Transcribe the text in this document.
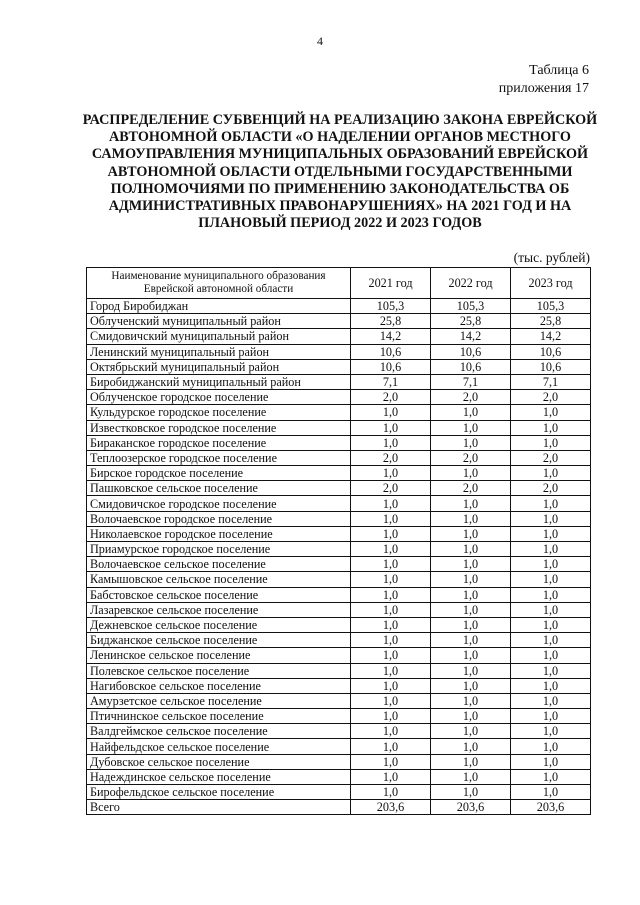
4
Таблица 6
приложения 17
РАСПРЕДЕЛЕНИЕ СУБВЕНЦИЙ НА РЕАЛИЗАЦИЮ ЗАКОНА ЕВРЕЙСКОЙ АВТОНОМНОЙ ОБЛАСТИ «О НАДЕЛЕНИИ ОРГАНОВ МЕСТНОГО САМОУПРАВЛЕНИЯ МУНИЦИПАЛЬНЫХ ОБРАЗОВАНИЙ ЕВРЕЙСКОЙ АВТОНОМНОЙ ОБЛАСТИ ОТДЕЛЬНЫМИ ГОСУДАРСТВЕННЫМИ ПОЛНОМОЧИЯМИ ПО ПРИМЕНЕНИЮ ЗАКОНОДАТЕЛЬСТВА ОБ АДМИНИСТРАТИВНЫХ ПРАВОНАРУШЕНИЯХ» НА 2021 ГОД И НА ПЛАНОВЫЙ ПЕРИОД 2022 И 2023 ГОДОВ
(тыс. рублей)
Наименование муниципального образования Еврейской автономной области	2021 год	2022 год	2023 год
Город Биробиджан	105,3	105,3	105,3
Облученский муниципальный район	25,8	25,8	25,8
Смидовичский муниципальный район	14,2	14,2	14,2
Ленинский муниципальный район	10,6	10,6	10,6
Октябрьский муниципальный район	10,6	10,6	10,6
Биробиджанский муниципальный район	7,1	7,1	7,1
Облученское городское поселение	2,0	2,0	2,0
Кульдурское городское поселение	1,0	1,0	1,0
Известковское городское поселение	1,0	1,0	1,0
Бираканское городское поселение	1,0	1,0	1,0
Теплоозерское городское поселение	2,0	2,0	2,0
Бирское городское поселение	1,0	1,0	1,0
Пашковское сельское поселение	2,0	2,0	2,0
Смидовичское городское поселение	1,0	1,0	1,0
Волочаевское городское поселение	1,0	1,0	1,0
Николаевское городское поселение	1,0	1,0	1,0
Приамурское городское поселение	1,0	1,0	1,0
Волочаевское сельское поселение	1,0	1,0	1,0
Камышовское сельское поселение	1,0	1,0	1,0
Бабстовское сельское поселение	1,0	1,0	1,0
Лазаревское сельское поселение	1,0	1,0	1,0
Дежневское сельское поселение	1,0	1,0	1,0
Биджанское сельское поселение	1,0	1,0	1,0
Ленинское сельское поселение	1,0	1,0	1,0
Полевское сельское поселение	1,0	1,0	1,0
Нагибовское сельское поселение	1,0	1,0	1,0
Амурзетское сельское поселение	1,0	1,0	1,0
Птичнинское сельское поселение	1,0	1,0	1,0
Валдгеймское сельское поселение	1,0	1,0	1,0
Найфельдское сельское поселение	1,0	1,0	1,0
Дубовское сельское поселение	1,0	1,0	1,0
Надеждинское сельское поселение	1,0	1,0	1,0
Бирофельдское сельское поселение	1,0	1,0	1,0
Всего	203,6	203,6	203,6
